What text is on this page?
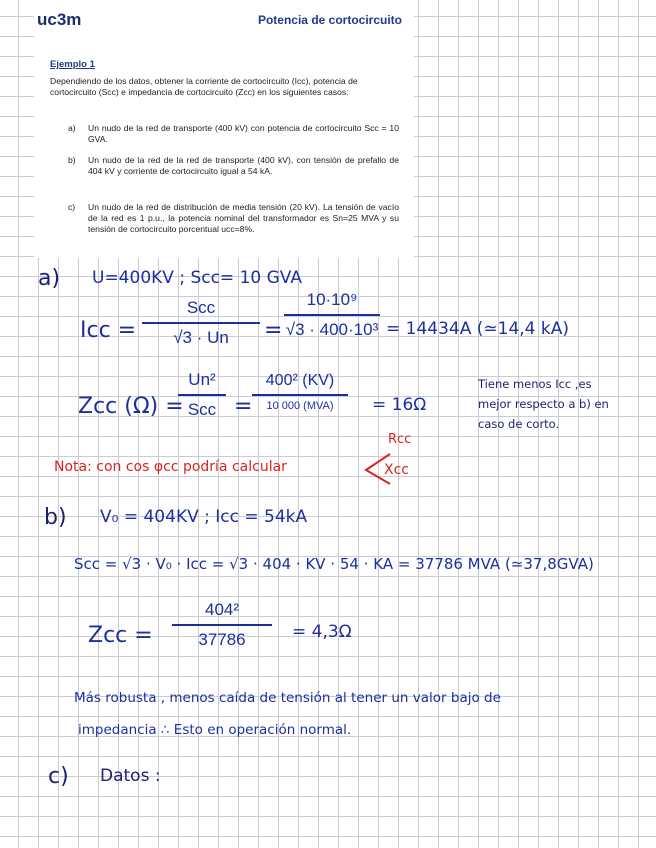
uc3m	Potencia de cortocircuito
Ejemplo 1
Dependiendo de los datos, obtener la corriente de cortocircuito (Icc), potencia de cortocircuito (Scc) e impedancia de cortocircuito (Zcc) en los siguientes casos:
a) Un nudo de la red de transporte (400 kV) con potencia de cortocircuito Scc = 10 GVA.
b) Un nudo de la red de la red de transporte (400 kV), con tensión de prefallo de 404 kV y corriente de cortocircuito igual a 54 kA.
c) Un nudo de la red de distribución de media tensión (20 kV). La tensión de vacío de la red es 1 p.u., la potencia nominal del transformador es Sn=25 MVA y su tensión de cortocircuito porcentual ucc=8%.
a) U=400KV ; Scc= 10 GVA
Icc =
Scc
√3 · Un =
10·10⁹
√3 · 400·10³ = 14434A (≃14,4 kA)
Zcc (Ω) =
Un²
Scc =
400² (KV)
10 000 (MVA) = 16Ω
Tiene menos Icc ,es
mejor respecto a b) en
caso de corto.
Nota: con cos φcc podría calcular
Rcc
Xcc
b) V₀ = 404KV ; Icc = 54kA
Scc = √3 · V₀ · Icc = √3 · 404 · KV · 54 · KA = 37786 MVA (≃37,8GVA)
Zcc =
404²
37786	= 4,3Ω
Más robusta , menos caída de tensión al tener un valor bajo de
impedancia ∴ Esto en operación normal.
c) Datos :
